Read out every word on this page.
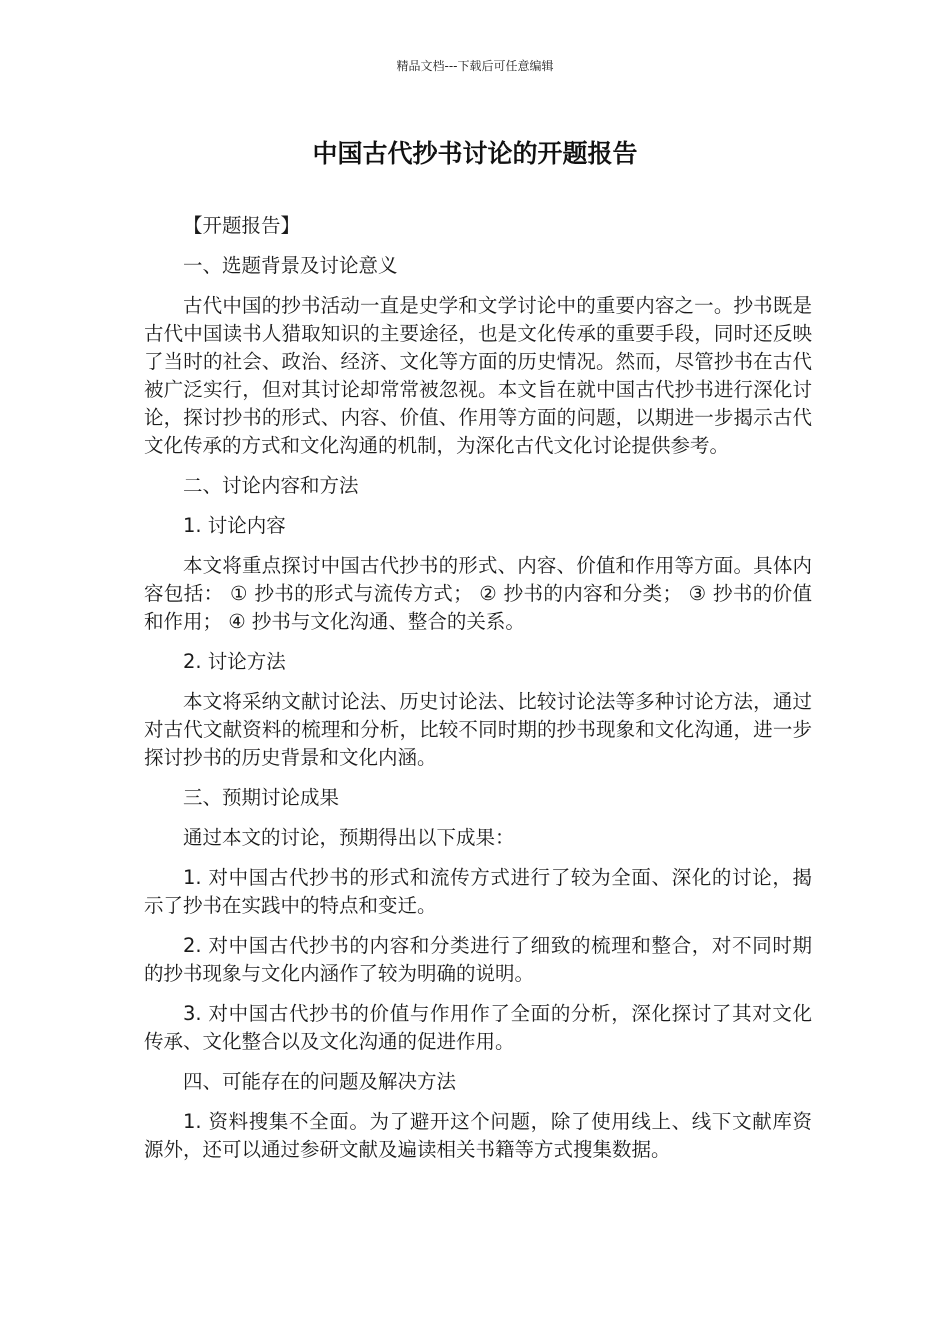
精品文档---下载后可任意编辑
中国古代抄书讨论的开题报告

【开题报告】

一、选题背景及讨论意义

古代中国的抄书活动一直是史学和文学讨论中的重要内容之一。抄书既是古代中国读书人猎取知识的主要途径，也是文化传承的重要手段，同时还反映了当时的社会、政治、经济、文化等方面的历史情况。然而，尽管抄书在古代被广泛实行，但对其讨论却常常被忽视。本文旨在就中国古代抄书进行深化讨论，探讨抄书的形式、内容、价值、作用等方面的问题，以期进一步揭示古代文化传承的方式和文化沟通的机制，为深化古代文化讨论提供参考。

二、讨论内容和方法

1. 讨论内容

本文将重点探讨中国古代抄书的形式、内容、价值和作用等方面。具体内容包括： ① 抄书的形式与流传方式； ② 抄书的内容和分类； ③ 抄书的价值和作用； ④ 抄书与文化沟通、整合的关系。

2. 讨论方法

本文将采纳文献讨论法、历史讨论法、比较讨论法等多种讨论方法，通过对古代文献资料的梳理和分析，比较不同时期的抄书现象和文化沟通，进一步探讨抄书的历史背景和文化内涵。

三、预期讨论成果

通过本文的讨论，预期得出以下成果：

1. 对中国古代抄书的形式和流传方式进行了较为全面、深化的讨论，揭示了抄书在实践中的特点和变迁。

2. 对中国古代抄书的内容和分类进行了细致的梳理和整合，对不同时期的抄书现象与文化内涵作了较为明确的说明。

3. 对中国古代抄书的价值与作用作了全面的分析，深化探讨了其对文化传承、文化整合以及文化沟通的促进作用。

四、可能存在的问题及解决方法

1. 资料搜集不全面。为了避开这个问题，除了使用线上、线下文献库资源外，还可以通过参研文献及遍读相关书籍等方式搜集数据。
